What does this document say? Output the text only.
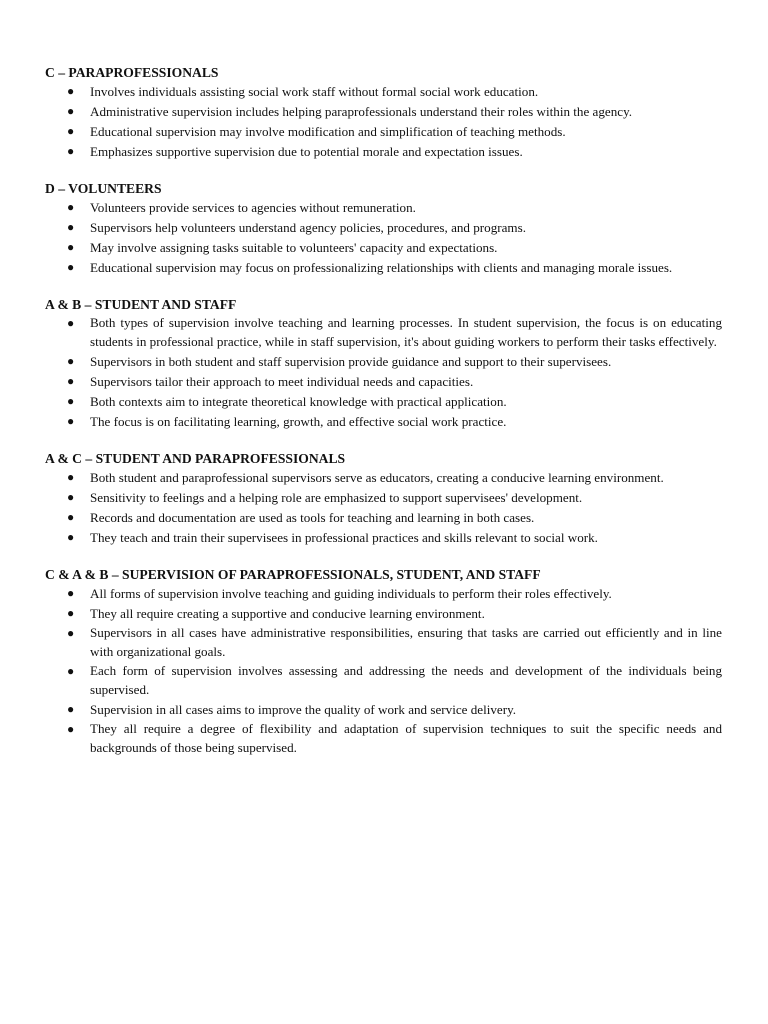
C – PARAPROFESSIONALS
● Involves individuals assisting social work staff without formal social work education.
● Administrative supervision includes helping paraprofessionals understand their roles within the agency.
● Educational supervision may involve modification and simplification of teaching methods.
● Emphasizes supportive supervision due to potential morale and expectation issues.
D – VOLUNTEERS
● Volunteers provide services to agencies without remuneration.
● Supervisors help volunteers understand agency policies, procedures, and programs.
● May involve assigning tasks suitable to volunteers' capacity and expectations.
● Educational supervision may focus on professionalizing relationships with clients and managing morale issues.
A & B – STUDENT AND STAFF
● Both types of supervision involve teaching and learning processes. In student supervision, the focus is on educating students in professional practice, while in staff supervision, it's about guiding workers to perform their tasks effectively.
● Supervisors in both student and staff supervision provide guidance and support to their supervisees.
● Supervisors tailor their approach to meet individual needs and capacities.
● Both contexts aim to integrate theoretical knowledge with practical application.
● The focus is on facilitating learning, growth, and effective social work practice.
A & C – STUDENT AND PARAPROFESSIONALS
● Both student and paraprofessional supervisors serve as educators, creating a conducive learning environment.
● Sensitivity to feelings and a helping role are emphasized to support supervisees' development.
● Records and documentation are used as tools for teaching and learning in both cases.
● They teach and train their supervisees in professional practices and skills relevant to social work.
C & A & B – SUPERVISION OF PARAPROFESSIONALS, STUDENT, AND STAFF
● All forms of supervision involve teaching and guiding individuals to perform their roles effectively.
● They all require creating a supportive and conducive learning environment.
● Supervisors in all cases have administrative responsibilities, ensuring that tasks are carried out efficiently and in line with organizational goals.
● Each form of supervision involves assessing and addressing the needs and development of the individuals being supervised.
● Supervision in all cases aims to improve the quality of work and service delivery.
● They all require a degree of flexibility and adaptation of supervision techniques to suit the specific needs and backgrounds of those being supervised.
